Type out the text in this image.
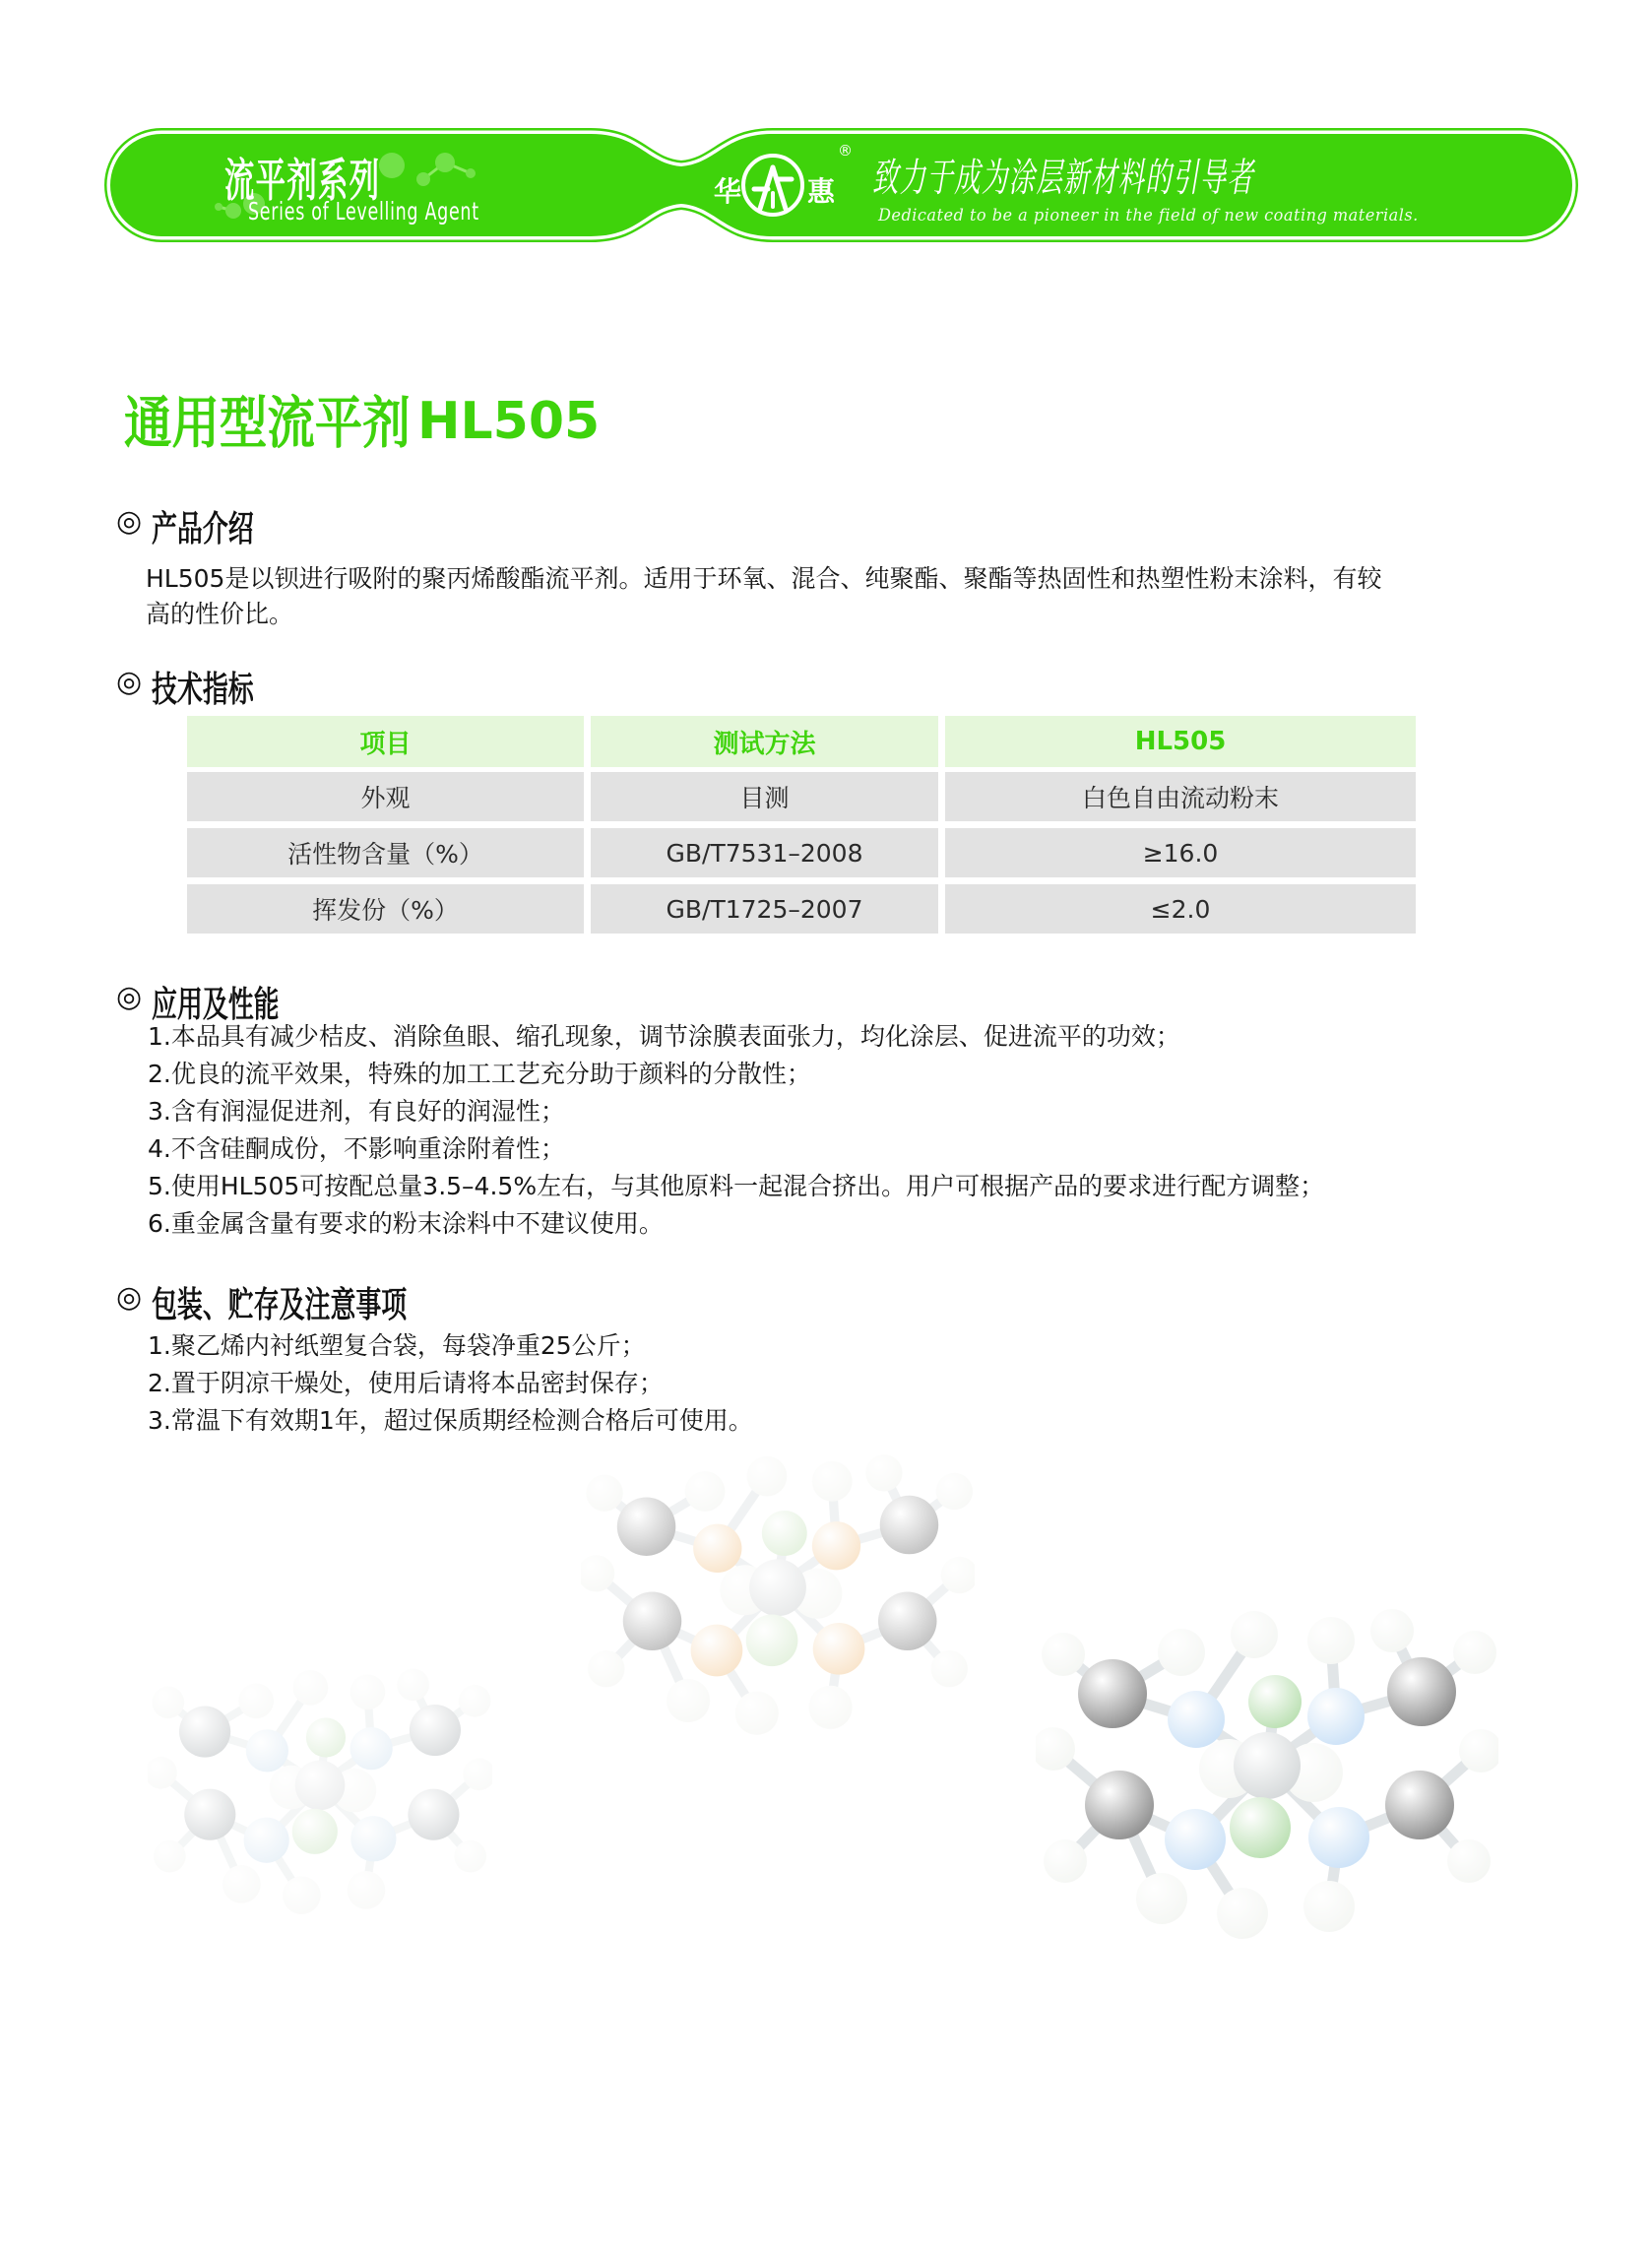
流平剂系列
Series of Levelling Agent
华 惠
®
致力于成为涂层新材料的引导者
Dedicated to be a pioneer in the field of new coating materials.
通用型流平剂 HL505
◎ 产品介绍
HL505是以钡进行吸附的聚丙烯酸酯流平剂。适用于环氧、混合、纯聚酯、聚酯等热固性和热塑性粉末涂料，有较高的性价比。
◎ 技术指标
项目	测试方法	HL505
外观	目测	白色自由流动粉末
活性物含量（%）	GB/T7531–2008	≥16.0
挥发份（%）	GB/T1725–2007	≤2.0
◎ 应用及性能
1.本品具有减少桔皮、消除鱼眼、缩孔现象，调节涂膜表面张力，均化涂层、促进流平的功效；
2.优良的流平效果，特殊的加工工艺充分助于颜料的分散性；
3.含有润湿促进剂，有良好的润湿性；
4.不含硅酮成份，不影响重涂附着性；
5.使用HL505可按配总量3.5–4.5%左右，与其他原料一起混合挤出。用户可根据产品的要求进行配方调整；
6.重金属含量有要求的粉末涂料中不建议使用。
◎ 包装、贮存及注意事项
1.聚乙烯内衬纸塑复合袋，每袋净重25公斤；
2.置于阴凉干燥处，使用后请将本品密封保存；
3.常温下有效期1年，超过保质期经检测合格后可使用。
